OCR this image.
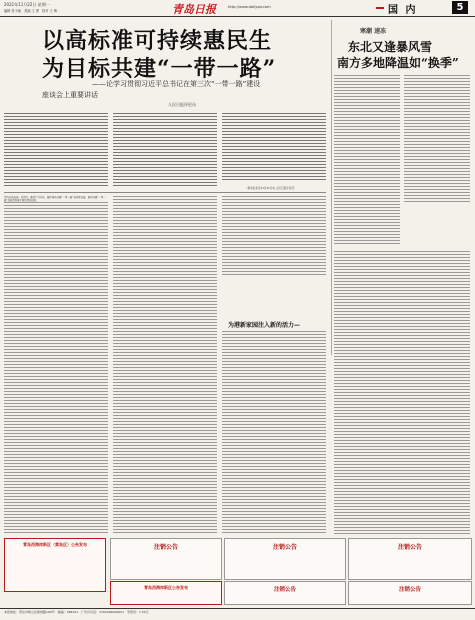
2021年11月22日 星期一
编辑 张小丽　美编 王 勇　校对 王 梅	青岛日报	http://www.dailyqd.com	国 内	5
以高标准可持续惠民生
为目标共建“一带一路”
——论学习贯彻习近平总书记在第三次“一带一路”建设
座谈会上重要讲话
人民日报评论员
（新华社北京11月21日电 人民日报评论员）
坚持以高标准、可持续、惠民生为目标，继续推动共建“一带一路”高质量发展，推动共建“一带一路”高质量发展不断取得新成效。
寒潮 速冻
东北又逢暴风雪
南方多地降温如“换季”
为港新家园注入新的活力—
青岛西海岸新区（黄岛区）公告发布	注销公告	注销公告	注销公告
青岛西海岸新区公告发布	注销公告	注销公告
本报地址：青岛市崂山区株洲路190号　邮编：266101　广告许可证：3702004000001　零售价：1.50元
